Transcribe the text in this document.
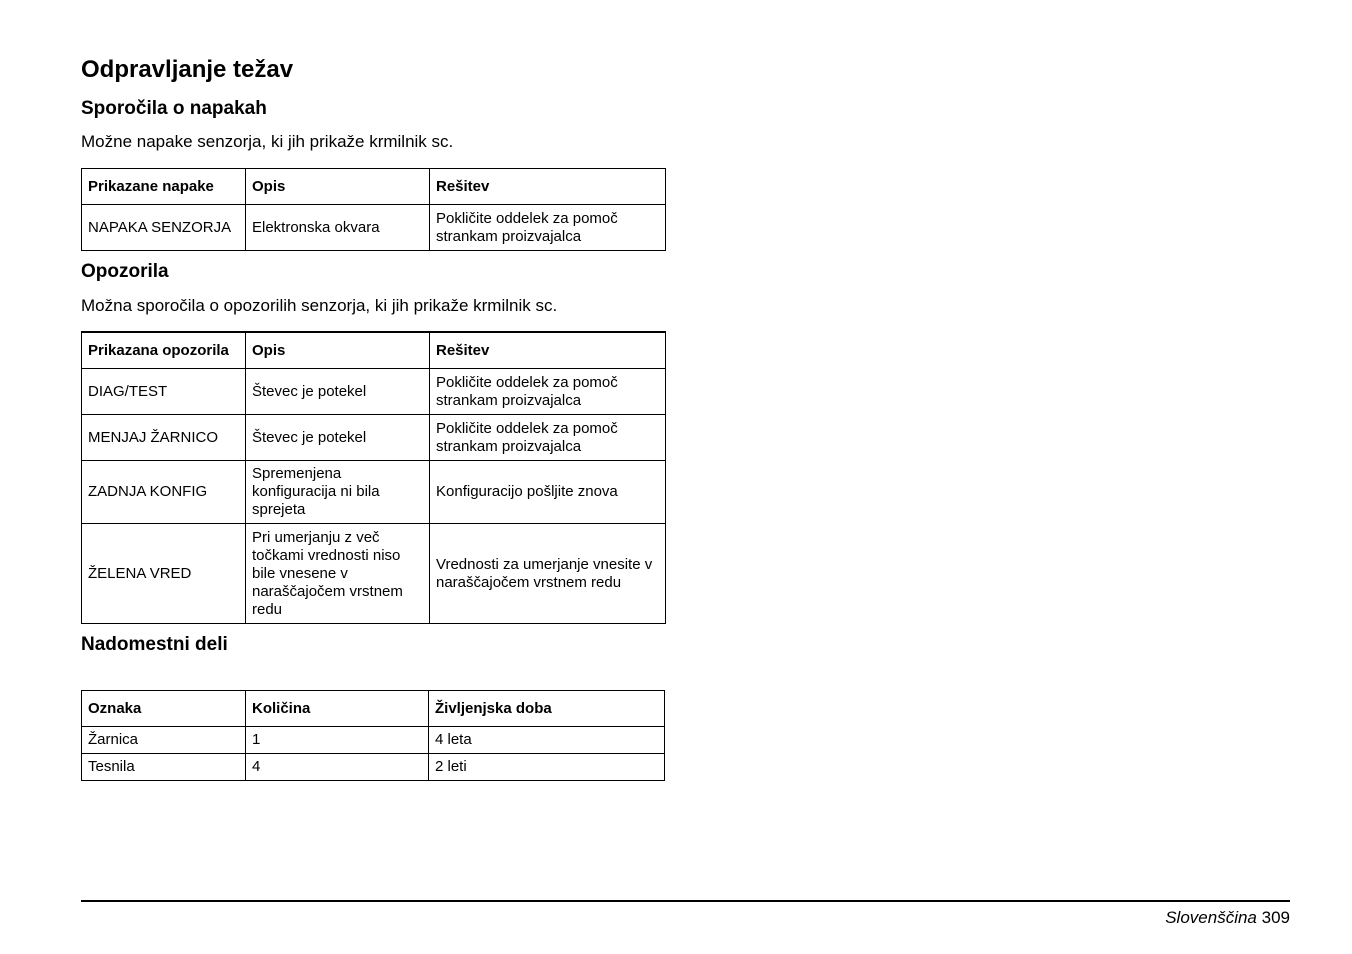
Odpravljanje težav
Sporočila o napakah

Možne napake senzorja, ki jih prikaže krmilnik sc.

Prikazane napake	Opis	Rešitev
NAPAKA SENZORJA	Elektronska okvara	Pokličite oddelek za pomoč strankam proizvajalca
Opozorila

Možna sporočila o opozorilih senzorja, ki jih prikaže krmilnik sc.

Prikazana opozorila	Opis	Rešitev
DIAG/TEST	Števec je potekel	Pokličite oddelek za pomoč strankam proizvajalca
MENJAJ ŽARNICO	Števec je potekel	Pokličite oddelek za pomoč strankam proizvajalca
ZADNJA KONFIG	Spremenjena konfiguracija ni bila sprejeta	Konfiguracijo pošljite znova
ŽELENA VRED	Pri umerjanju z več točkami vrednosti niso bile vnesene v naraščajočem vrstnem redu	Vrednosti za umerjanje vnesite v naraščajočem vrstnem redu
Nadomestni deli
Oznaka	Količina	Življenjska doba
Žarnica	1	4 leta
Tesnila	4	2 leti
Slovenščina 309
